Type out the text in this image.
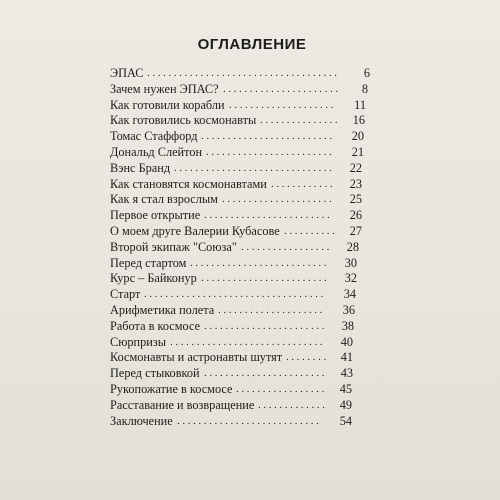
ОГЛАВЛЕНИЕ
ЭПАС ....................................	6
Зачем нужен ЭПАС? ......................	8
Как готовили корабли ....................	11
Как готовились космонавты ...............	16
Томас Стаффорд .........................	20
Дональд Слейтон ........................	21
Вэнс Бранд ..............................	22
Как становятся космонавтами ............	23
Как я стал взрослым .....................	25
Первое открытие ........................	26
О моем друге Валерии Кубасове .......... 27
Второй экипаж "Союза" .................	28
Перед стартом ..........................	30
Курс – Байконур ........................	32
Старт ..................................	34
Арифметика полета ....................	36
Работа в космосе .......................	38
Сюрпризы .............................	40
Космонавты и астронавты шутят ........ 41
Перед стыковкой .......................	43
Рукопожатие в космосе .................	45
Расставание и возвращение ............. 49
Заключение ...........................	54
